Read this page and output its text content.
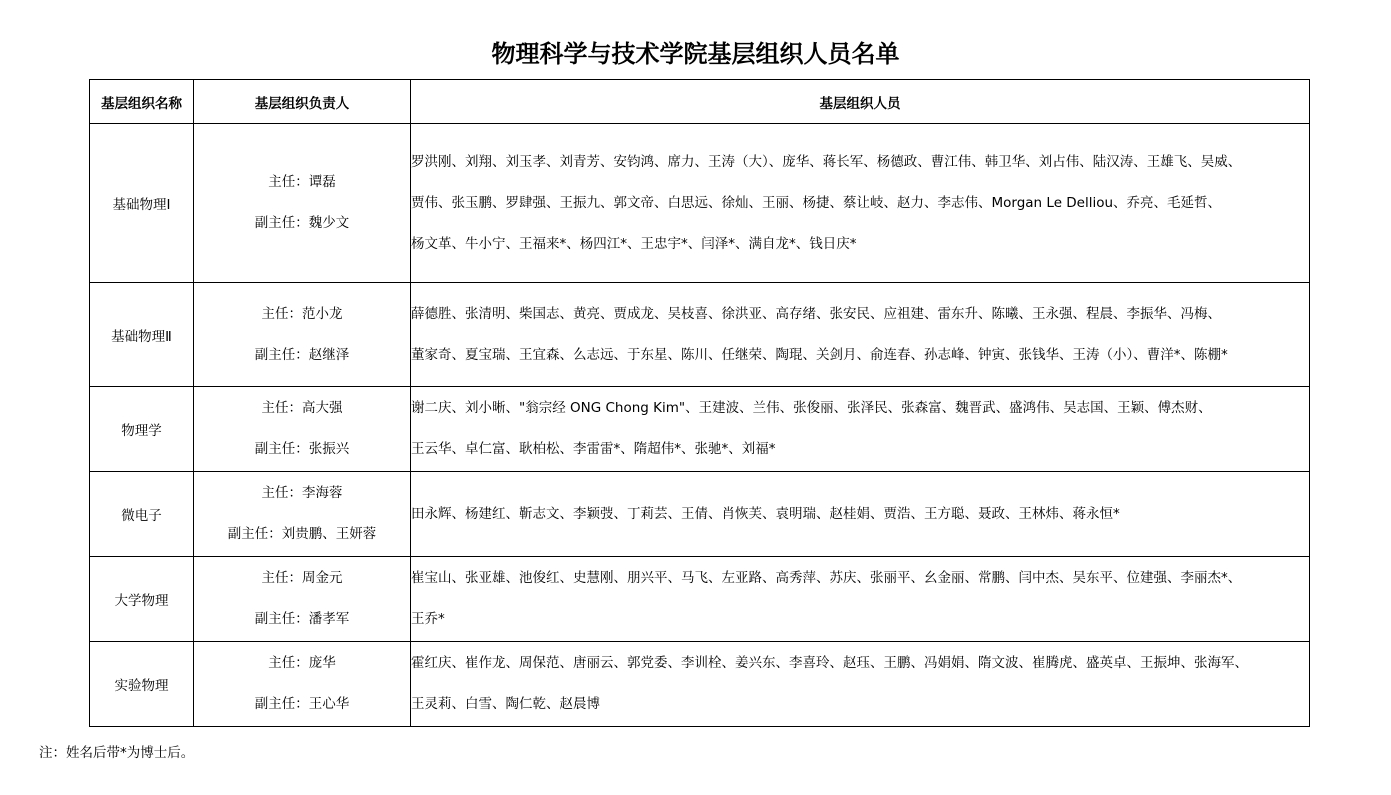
物理科学与技术学院基层组织人员名单
基层组织名称	基层组织负责人	基层组织人员
基础物理Ⅰ	主任：谭磊
副主任：魏少文	罗洪刚、刘翔、刘玉孝、刘青芳、安钧鸿、席力、王涛（大）、庞华、蒋长军、杨德政、曹江伟、韩卫华、刘占伟、陆汉涛、王雄飞、吴威、
贾伟、张玉鹏、罗肆强、王振九、郭文帝、白思远、徐灿、王丽、杨捷、蔡让岐、赵力、李志伟、Morgan Le Delliou、乔亮、毛延哲、
杨文革、牛小宁、王福来*、杨四江*、王忠宇*、闫泽*、满自龙*、钱日庆*

基础物理Ⅱ	主任：范小龙
副主任：赵继泽	薛德胜、张清明、柴国志、黄亮、贾成龙、吴枝喜、徐洪亚、高存绪、张安民、应祖建、雷东升、陈曦、王永强、程晨、李振华、冯梅、
董家奇、夏宝瑞、王宜森、么志远、于东星、陈川、任继荣、陶琨、关剑月、俞连春、孙志峰、钟寅、张钱华、王涛（小）、曹洋*、陈棚*

物理学	主任：高大强
副主任：张振兴	谢二庆、刘小晰、"翁宗经 ONG Chong Kim"、王建波、兰伟、张俊丽、张泽民、张森富、魏晋武、盛鸿伟、吴志国、王颖、傅杰财、
王云华、卓仁富、耿柏松、李雷雷*、隋超伟*、张驰*、刘福*

微电子	主任：李海蓉
副主任：刘贵鹏、王妍蓉	田永辉、杨建红、靳志文、李颖弢、丁莉芸、王倩、肖恢芙、袁明瑞、赵桂娟、贾浩、王方聪、聂政、王林炜、蒋永恒*

大学物理	主任：周金元
副主任：潘孝军	崔宝山、张亚雄、池俊红、史慧刚、朋兴平、马飞、左亚路、高秀萍、苏庆、张丽平、幺金丽、常鹏、闫中杰、吴东平、位建强、李丽杰*、
王乔*

实验物理	主任：庞华
副主任：王心华	霍红庆、崔作龙、周保范、唐丽云、郭党委、李训栓、姜兴东、李喜玲、赵珏、王鹏、冯娟娟、隋文波、崔腾虎、盛英卓、王振坤、张海军、
王灵莉、白雪、陶仁乾、赵晨博

注：姓名后带*为博士后。
